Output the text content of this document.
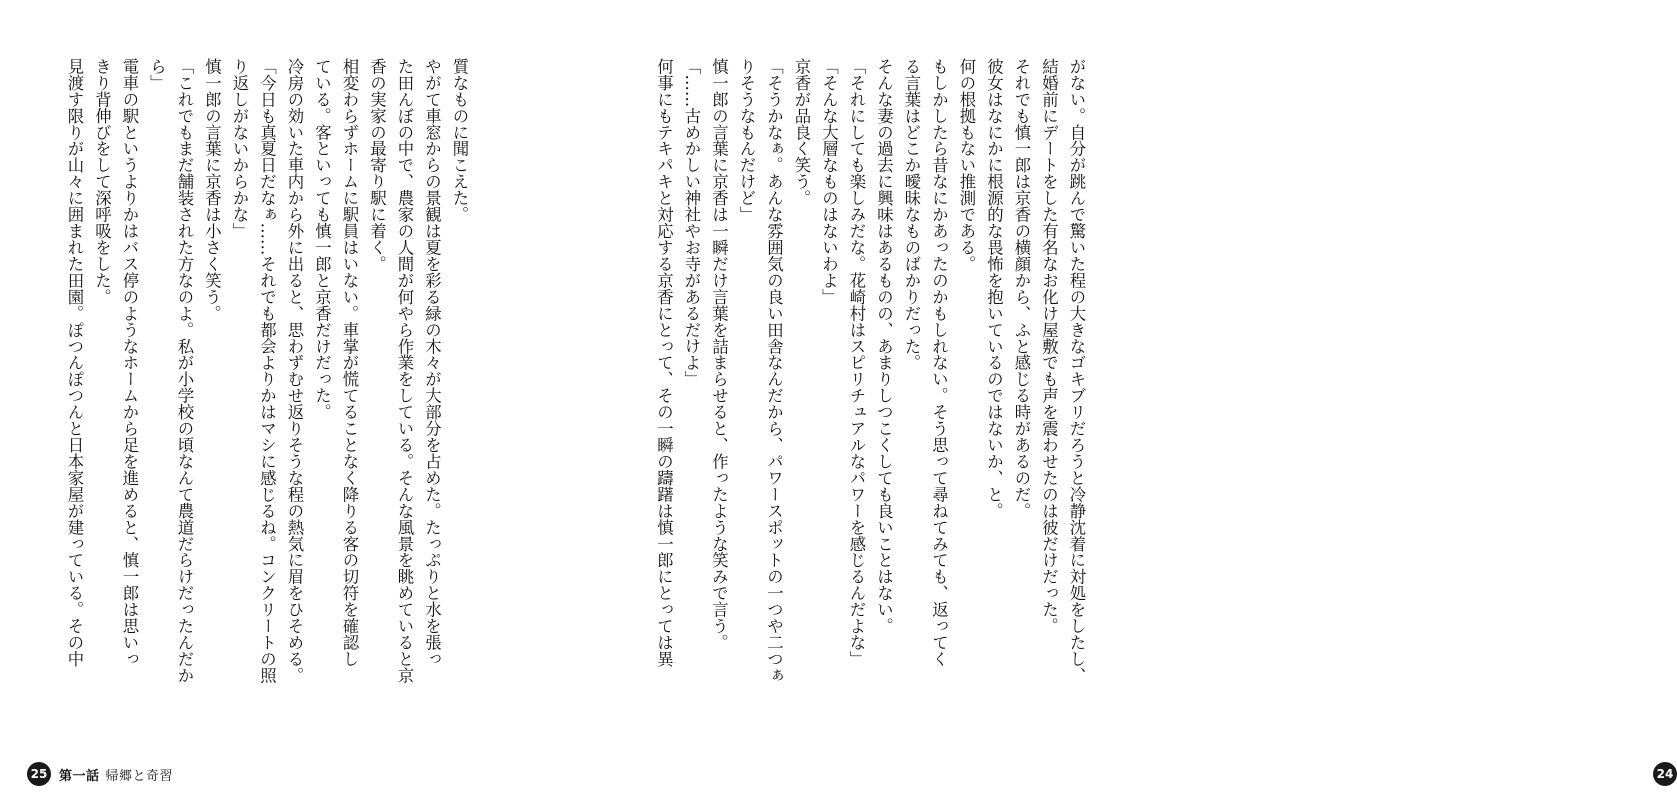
質なものに聞こえた。
やがて車窓からの景観は夏を彩る緑の木々が大部分を占めた。たっぷりと水を張っ
た田んぼの中で、農家の人間が何やら作業をしている。そんな風景を眺めていると京
香の実家の最寄り駅に着く。
相変わらずホームに駅員はいない。車掌が慌てることなく降りる客の切符を確認し
ている。客といっても慎一郎と京香だけだった。
冷房の効いた車内から外に出ると、思わずむせ返りそうな程の熱気に眉をひそめる。
「今日も真夏日だなぁ……それでも都会よりかはマシに感じるね。コンクリートの照
り返しがないからかな」
慎一郎の言葉に京香は小さく笑う。
「これでもまだ舗装された方なのよ。私が小学校の頃なんて農道だらけだったんだか
ら」
電車の駅というよりかはバス停のようなホームから足を進めると、慎一郎は思いっ
きり背伸びをして深呼吸をした。
見渡す限りが山々に囲まれた田園。ぽつんぽつんと日本家屋が建っている。その中
25 第一話 帰郷と奇習
がない。自分が跳んで驚いた程の大きなゴキブリだろうと冷静沈着に対処をしたし、
結婚前にデートをした有名なお化け屋敷でも声を震わせたのは彼だけだった。
それでも慎一郎は京香の横顔から、ふと感じる時があるのだ。
彼女はなにかに根源的な畏怖を抱いているのではないか、と。
何の根拠もない推測である。
もしかしたら昔なにかあったのかもしれない。そう思って尋ねてみても、返ってく
る言葉はどこか曖昧なものばかりだった。
そんな妻の過去に興味はあるものの、あまりしつこくしても良いことはない。
「それにしても楽しみだな。花崎村はスピリチュアルなパワーを感じるんだよな」
「そんな大層なものはないわよ」
京香が品良く笑う。
「そうかなぁ。あんな雰囲気の良い田舎なんだから、パワースポットの一つや二つぁ
りそうなもんだけど」
慎一郎の言葉に京香は一瞬だけ言葉を詰まらせると、作ったような笑みで言う。
「……古めかしい神社やお寺があるだけよ」
何事にもテキパキと対応する京香にとって、その一瞬の躊躇は慎一郎にとっては異
24
